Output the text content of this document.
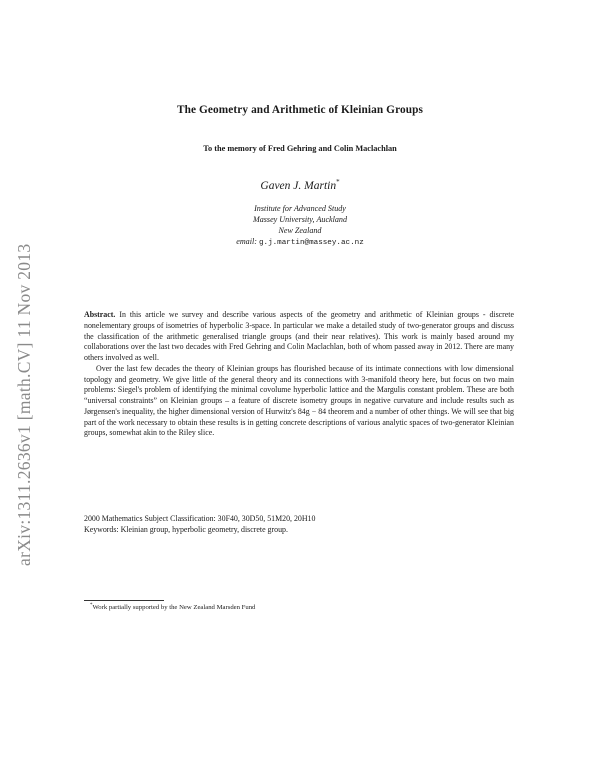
arXiv:1311.2636v1 [math.CV] 11 Nov 2013
The Geometry and Arithmetic of Kleinian Groups
To the memory of Fred Gehring and Colin Maclachlan
Gaven J. Martin*
Institute for Advanced Study
Massey University, Auckland
New Zealand
email: g.j.martin@massey.ac.nz

Abstract. In this article we survey and describe various aspects of the geometry and arithmetic of Kleinian groups - discrete nonelementary groups of isometries of hyperbolic 3-space. In particular we make a detailed study of two-generator groups and discuss the classification of the arithmetic generalised triangle groups (and their near relatives). This work is mainly based around my collaborations over the last two decades with Fred Gehring and Colin Maclachlan, both of whom passed away in 2012. There are many others involved as well.

Over the last few decades the theory of Kleinian groups has flourished because of its intimate connections with low dimensional topology and geometry. We give little of the general theory and its connections with 3-manifold theory here, but focus on two main problems: Siegel's problem of identifying the minimal covolume hyperbolic lattice and the Margulis constant problem. These are both “universal constraints” on Kleinian groups – a feature of discrete isometry groups in negative curvature and include results such as Jørgensen's inequality, the higher dimensional version of Hurwitz's 84g − 84 theorem and a number of other things. We will see that big part of the work necessary to obtain these results is in getting concrete descriptions of various analytic spaces of two-generator Kleinian groups, somewhat akin to the Riley slice.

2000 Mathematics Subject Classification: 30F40, 30D50, 51M20, 20H10
Keywords: Kleinian group, hyperbolic geometry, discrete group.
*Work partially supported by the New Zealand Marsden Fund
